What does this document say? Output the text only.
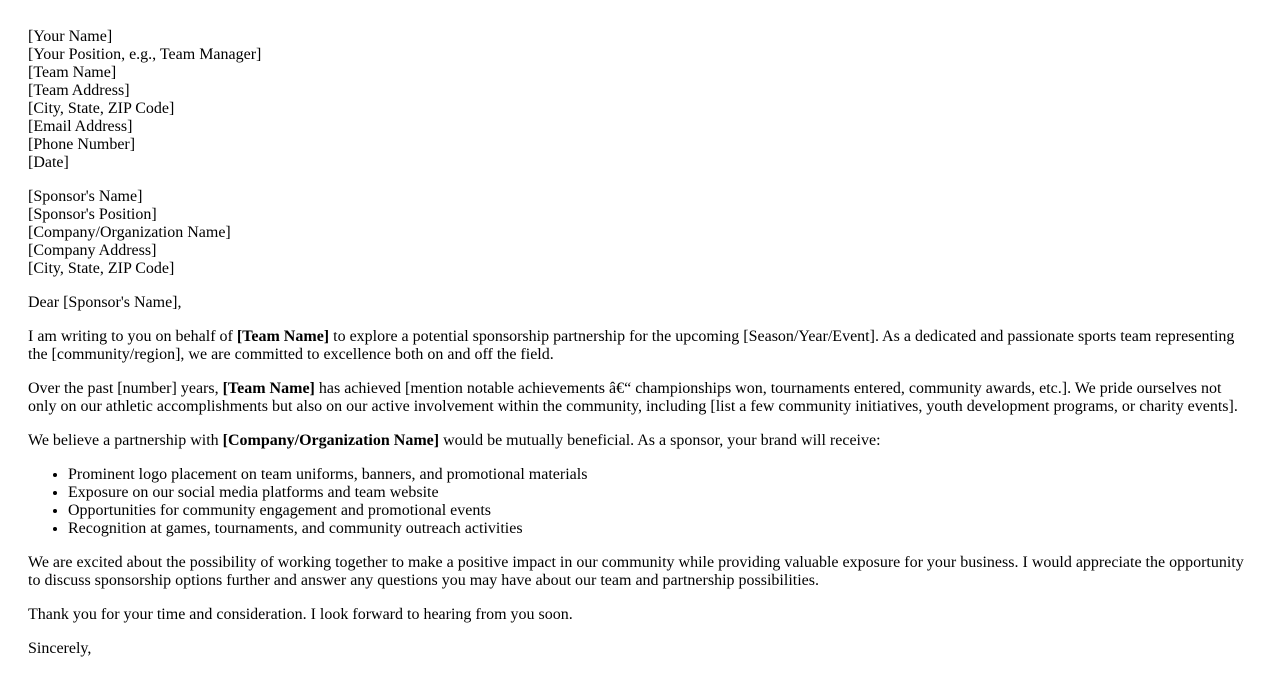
[Your Name]
[Your Position, e.g., Team Manager]
[Team Name]
[Team Address]
[City, State, ZIP Code]
[Email Address]
[Phone Number]
[Date]
[Sponsor's Name]
[Sponsor's Position]
[Company/Organization Name]
[Company Address]
[City, State, ZIP Code]

Dear [Sponsor's Name],

I am writing to you on behalf of [Team Name] to explore a potential sponsorship partnership for the upcoming [Season/Year/Event]. As a dedicated and passionate sports team representing the [community/region], we are committed to excellence both on and off the field.

Over the past [number] years, [Team Name] has achieved [mention notable achievements â€“ championships won, tournaments entered, community awards, etc.]. We pride ourselves not only on our athletic accomplishments but also on our active involvement within the community, including [list a few community initiatives, youth development programs, or charity events].

We believe a partnership with [Company/Organization Name] would be mutually beneficial. As a sponsor, your brand will receive:

• Prominent logo placement on team uniforms, banners, and promotional materials
• Exposure on our social media platforms and team website
• Opportunities for community engagement and promotional events
• Recognition at games, tournaments, and community outreach activities

We are excited about the possibility of working together to make a positive impact in our community while providing valuable exposure for your business. I would appreciate the opportunity to discuss sponsorship options further and answer any questions you may have about our team and partnership possibilities.

Thank you for your time and consideration. I look forward to hearing from you soon.

Sincerely,
